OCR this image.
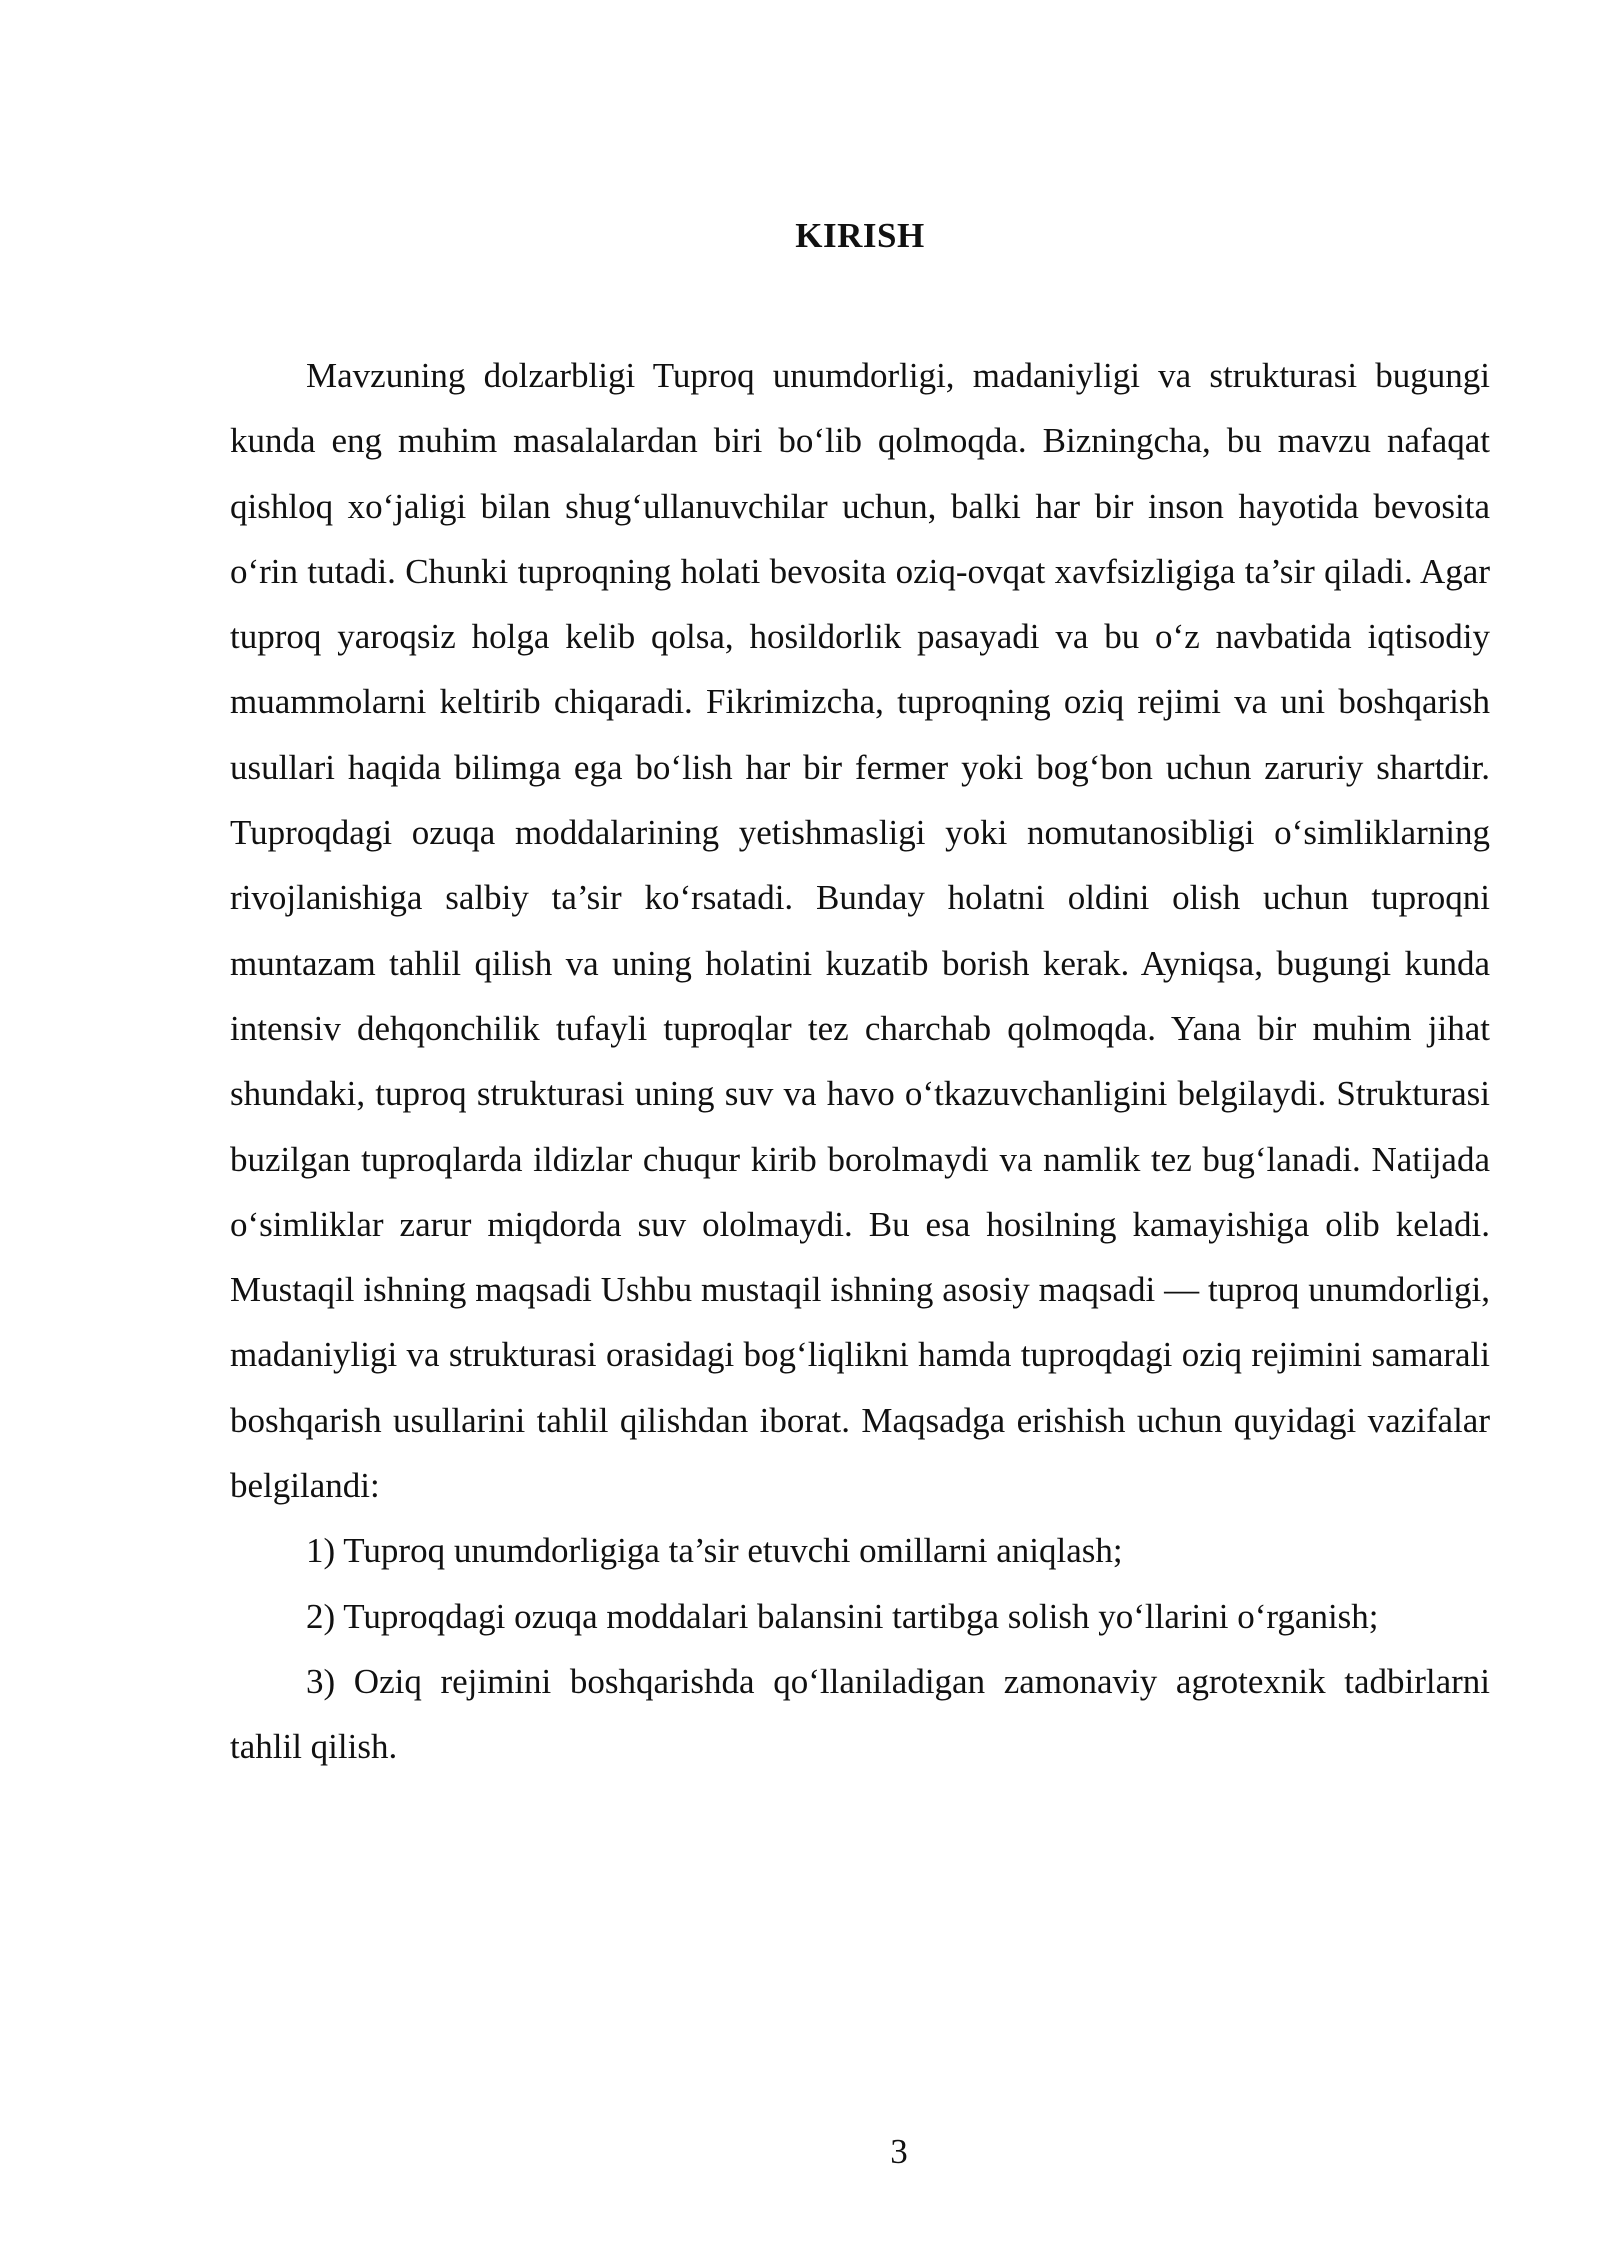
KIRISH

Mavzuning dolzarbligi Tuproq unumdorligi, madaniyligi va strukturasi bugungi kunda eng muhim masalalardan biri bo‘lib qolmoqda. Bizningcha, bu mavzu nafaqat qishloq xo‘jaligi bilan shug‘ullanuvchilar uchun, balki har bir inson hayotida bevosita o‘rin tutadi. Chunki tuproqning holati bevosita oziq-ovqat xavfsizligiga ta’sir qiladi. Agar tuproq yaroqsiz holga kelib qolsa, hosildorlik pasayadi va bu o‘z navbatida iqtisodiy muammolarni keltirib chiqaradi. Fikrimizcha, tuproqning oziq rejimi va uni boshqarish usullari haqida bilimga ega bo‘lish har bir fermer yoki bog‘bon uchun zaruriy shartdir. Tuproqdagi ozuqa moddalarining yetishmasligi yoki nomutanosibligi o‘simliklarning rivojlanishiga salbiy ta’sir ko‘rsatadi. Bunday holatni oldini olish uchun tuproqni muntazam tahlil qilish va uning holatini kuzatib borish kerak. Ayniqsa, bugungi kunda intensiv dehqonchilik tufayli tuproqlar tez charchab qolmoqda. Yana bir muhim jihat shundaki, tuproq strukturasi uning suv va havo o‘tkazuvchanligini belgilaydi. Strukturasi buzilgan tuproqlarda ildizlar chuqur kirib borolmaydi va namlik tez bug‘lanadi. Natijada o‘simliklar zarur miqdorda suv ololmaydi. Bu esa hosilning kamayishiga olib keladi. Mustaqil ishning maqsadi Ushbu mustaqil ishning asosiy maqsadi — tuproq unumdorligi, madaniyligi va strukturasi orasidagi bog‘liqlikni hamda tuproqdagi oziq rejimini samarali boshqarish usullarini tahlil qilishdan iborat. Maqsadga erishish uchun quyidagi vazifalar belgilandi:

1) Tuproq unumdorligiga ta’sir etuvchi omillarni aniqlash;

2) Tuproqdagi ozuqa moddalari balansini tartibga solish yo‘llarini o‘rganish;

3) Oziq rejimini boshqarishda qo‘llaniladigan zamonaviy agrotexnik tadbirlarni tahlil qilish.

3
